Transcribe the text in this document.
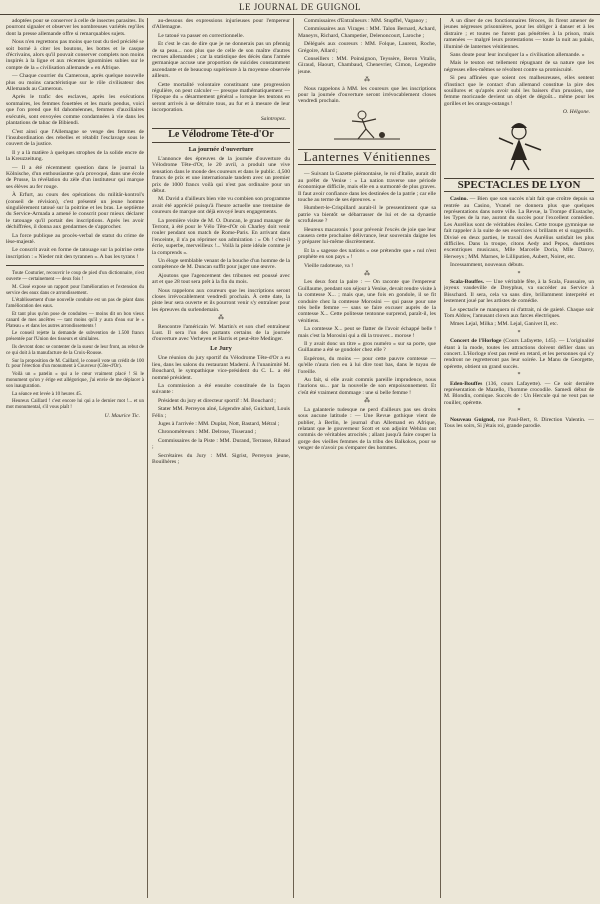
LE JOURNAL DE GUIGNOL

adoptées pour se conserver à celle de insectes parasites. Ils pourront signaler et observer les nombreuses variétés rep'iles dont la presse allemande offre si remarquables sujets.

Nous n'en regrettons pas moins que tout du tied préciété se soit borné à citer les boutons, les bottes et le casque d'écrivains, alors qu'il pouvait conserver complets non moins inspirés à la ligue et aux récentes ignominies subies sur le compte de la « civilisation allemande » en Afrique.

— Chaque courrier du Cameroun, après quelque nouvelle plus ou moins caractéristique sur le rôle civilisateur des Allemands au Cameroun.

Après le trafic des esclaves, après les exécutions sommaires, les femmes fouettées et les maris pendus, voici que l'on prend que 84 dahoméennes, femmes d'auxiliaires exécutés, sont envoyées comme condamnées à vie dans les plantations de tabac de Bibiendi.

C'est ainsi que l'Allemagne se venge des femmes de l'insubordination des rebelles et rétablit l'esclavage sous le couvert de la justice.

Il y a là matière à quelques strophes de la solide encre de la Kreuzzeitung.

— Il a été récemment question dans le journal la Kölnische, d'un enthousiasme qu'a provoqué, dans une école de Prusse, la révélation du zèle d'un instituteur qui marque ses élèves au fer rouge.

À Erfurt, au cours des opérations du militär-kontrol's (conseil de révision), c'est présenté un jeune homme singulièrement tatoué sur la poitrine et les bras. Le septième du Service-Armada a amené le conscrit pour mieux déclarer le tatouage qu'il portait des inscriptions. Après les avoir déchiffrées, il donna aux gendarmes de s'approcher.

La force publique au procès-verbal de statut du crime de lèse-majesté.

Le conscrit avait en forme de tatouage sur la poitrine cette inscription : « Nieder mit den tyrannen ». A bas les tyrans !

Toute Couturier, recouvrir le coup de pied d'un dictionnaire, n'est ouverte — certainement — deux fois !

M. Cissé expose un rapport pour l'amélioration et l'extension du service des eaux dans ce arrondissement.

L'établissement d'une nouvelle conduite est un pas de géant dans l'amélioration des eaux.

Et tant plus qu'on pose de conduites — moins dit on bon vieux canard de mes ancêtres — tant moins qu'il y aura d'eau sur le « Plateau » et dans les autres arrondissements !

Le conseil rejette la demande de subvention de 1.500 francs présentée par l'Union des tisseurs et similaires.

Ils devront donc se contenter de la sueur de leur front, au rebut de ce qui doit à la manufacture de la Croix-Rousse.

Sur la proposition de M. Caillard, le conseil vote un crédit de 100 fr. pour l'érection d'un monument à Couvreur (Côte-d'Or).

Voilà un « patelin » qui a le cœur vraiment placé ! Si le monument qu'on y érige est allégorique, j'ai envie de me déplacer à son inauguration.

La séance est levée à 10 heures 45.

Heureux Caillard ! c'est encore lui qui a le dernier mot !... et un mot monumental, s'il vous plaît !

U. Maurice Tic.

au-dessous des expressions injurieuses pour l'empereur d'Allemagne.

Le tatoué va passer en correctionnelle.

Et c'est le cas de dire que je ne donnerais pas un pfennig de sa peau... non plus que de celle de son maître d'autres recrues allemandes ; car la statistique des décès dans l'armée germanique accuse une proportion de suicides constamment ascendante et de beaucoup supérieure à la moyenne observée ailleurs.

Cette mortalité volontaire constituant une progression régulière, on peut calculer — presque mathématiquement — l'époque du « désarmement général » lorsque les teutons en seront arrivés à se détruire tous, au fur et à mesure de leur incorporation.

Saintropez.
Le Vélodrome Tête-d'Or
La journée d'ouverture

L'annonce des épreuves de la journée d'ouverture du Vélodrome Tête-d'Or, le 20 avril, a produit une vive sensation dans le monde des coureurs et dans le public. 4,500 francs de prix et une internationale tandem avec un premier prix de 1000 francs voilà qui n'est pas ordinaire pour un début.

M. David a d'ailleurs bien vite vu combien son programme avait été apprécié puisqu'à l'heure actuelle une trentaine de coureurs de marque ont déjà envoyé leurs engagements.

La première visite de M. O. Duncan, le grand manager de Terront, à été pour le Vélo Tête-d'Or où Charley doit venir rouler pendant son match de Rome-Paris. En arrivant dans l'enceinte, il n'a pu réprimer son admiration : « Oh ! c'est-il écrie, superbe, merveilleux !... Voilà la piste idéale comme je la comprends ».

Un éloge semblable venant de la bouche d'un homme de la compétence de M. Duncan suffit pour juger une œuvre.

Ajoutons que l'agencement des tribunes est poussé avec art et que 28 tout sera prêt à la fin du mois.

Nous rappelons aux coureurs que les inscriptions seront closes irrévocablement vendredi prochain. À cette date, la piste leur sera ouverte et ils pourront venir s'y entraîner pour les épreuves du surlendemain.

⁂

Rencontre l'américain W. Martin's et son chef entraîneur Lust. Il sera l'un des partants certains de la journée d'ouverture avec Verheyen et Harris et peut-être Medinger.

Le Jury

Une réunion du jury sportif du Vélodrome Tête-d'Or a eu lieu, dans les salons du restaurant Maderni. À l'unanimité M. Bouchard, le sympathique vice-président du C. L. a été nommé président.

La commission a été ensuite constituée de la façon suivante :

Président du jury et directeur sportif : M. Bouchard ;

Stater MM. Perreyon aîné, Légendre aîné, Guichard, Louis Félix ;

Juges à l'arrivée : MM. Duplat, Nott, Bastard, Métral ;

Chronométreurs : MM. Delrose, Tisserand ;

Commissaires de la Piste : MM. Durand, Terrasse, Ribaud ;

Secrétaires du Jury : MM. Sigrist, Perreyon jeune, Bouilhères ;

Commissaires d'Entraîneurs : MM. Stupffel, Vaganoy ;

Commissaires aux Virages : MM. Talon Bernard, Achard, Maneyrs, Richard, Champetier, Delenoncourt, Laroche ;

Délégués aux coureurs : MM. Folque, Laurent, Roche, Grégoire, Allard ;

Conseillers : MM. Poinsignon, Teyssère, Beron Vitalis, Giraud, Haourt, Chambaud, Chenevrier, Cimon, Legendre jeune.

⁂

Nous rappelons à MM. les coureurs que les inscriptions pour la journée d'ouverture seront irrévocablement closes vendredi prochain.

Lanternes Vénitiennes

— Suivant la Gazette piémontaise, le roi d'Italie, aurait dit au préfet de Venise : « La nation traverse une période économique difficile, mais elle en a surmonté de plus graves. Il faut avoir confiance dans les destinées de la patrie ; car elle touche au terme de ses épreuves. »

Humbert-le-Crispillard aurait-il le pressentiment que sa patrie va bientôt se débarrasser de lui et de sa dynastie scrofuleuse ?

Heureux macaronis ! pour prévenir l'excès de joie que leur causera cette prochaine délivrance, leur souverain daigne les y préparer lui-même discrètement.

Et la « sagesse des nations » ose prétendre que « nul n'est prophète en son pays » !

Vieille radoteuse, va !

⁂

Les deux font la paire : — On raconte que l'empereur Guillaume, pendant son séjour à Venise, devait rendre visite à la comtesse X... ; mais que, une fois en gondole, il se fit conduire chez la comtesse Morosini — qui passe pour une très belle femme — sans se faire excuser auprès de la comtesse X... Cette politesse tentonne surprend, paraît-il, les vénitiens.

La comtesse X... peut se flatter de l'avoir échappé belle ! mais c'est la Morosini qui a dû la trouver... morose !

Il y avait donc un titre « gros numéro » sur sa porte, que Guillaume a été se gondoler chez elle ?

Espérons, du moins — pour cette pauvre comtesse — qu'elle n'aura rien eu à lui dire tout bas, dans le tuyau de l'oreille.

Au fait, si elle avait commis pareille imprudence, nous l'aurions su... par la nouvelle de son empoisonnement. Et c'eût été vraiment dommage : une si belle femme !

⁂

La galanterie tudesque ne perd d'ailleurs pas ses droits sous aucune latitude : — Une Revue gothique vient de publier, à Berlin, le journal d'un Allemand en Afrique, relatant que le gouverneur Scott et son adjoint Wehlau ont commis de véritables atrocités ; allant jusqu'à faire couper la gorge des vieilles femmes de la tribu des Balkokos, pour se venger de n'avoir pu s'emparer des hommes.

À un dîner de ces fonctionnaires féroces, ils firent amener de jeunes négresses prisonnières, pour les obliger à danser et à les distraire ; et toutes ne furent pas pénétrées à la prison, mais ramenées — malgré leurs protestations — toute la nuit au palais, illuminé de lanternes vénitiennes.

Sans doute pour leur inculquer la « civilisation allemande. »

Mais le teuton est tellement répugnant de sa nature que les négresses elles-mêmes se révoltent contre sa promiscuité.

Si peu affinées que soient ces malheureuses, elles sentent d'instinct que le contact d'un allemand constitue la pire des souillures et qu'après avoir subi les baisers d'un prussien, une femme moricaude devient un objet de dégoût... même pour les gorilles et les orangs-outangs !

O. Hélgone.
SPECTACLES DE LYON

Casino. — Bien que son succès n'ait fait que croître depuis sa rentrée au Casino, Yvanel ne donnera plus que quelques représentations dans notre ville. La Revue, la Trompe d'Eustache, les Types de la rue, auront du succès pour l'excellent comédien. Les Aurélius sont de véritables étoiles. Cette troupe gymnique se fait rappeler à la suite de ses exercices si brillants et si suggestifs. Divisé en deux parties, le travail des Aurélius satisfait les plus difficiles. Dans la troupe, citons Aedy and Pepos, duettistes excentriques musicaux, Mlle Marcelle Doria, Mlle Danvy, Herweys ; MM. Marnes, le Lilliputien, Aubert, Noiret, etc.

Incessamment, nouveaux débuts.

*

Scala-Bouffes. — Une véritable fête, à la Scala, Faussaire, un joyeux vaudeville de Dreyphus, va succéder au Service à Bisschard. Il sera, cela va sans dire, brillamment interprété et lestement joué par les artistes de comédie.

Le spectacle ne manquera ni d'attrait, ni de gaieté. Chaque soir Tom Aldow, l'amusant clown aux farces électriques.

Mmes Lejal, Milka ; MM. Lejal, Ganivet II, etc.

*

Concert de l'Horloge (Cours Lafayette, 145). — L'originalité étant à la mode, toutes les attractions doivent défiler dans un concert. L'Horloge n'est pas resté en retard, et les personnes qui s'y rendront ne regretteront pas leur soirée. Le Manu de Georgette, opérette, obtient un grand succès.

*

Eden-Bouffes (136, cours Lafayette). — Ce soir dernière représentation de Mazello, l'homme crocodile. Samedi début de M. Blondin, comique. Succès de : Un Hercule qui ne veut pas se rouiller, opérette.

*

Nouveau Guignol, rue Paul-Bert, 8. Direction Valentin. — Tous les soirs, Si j'étais roi, grande parodie.
